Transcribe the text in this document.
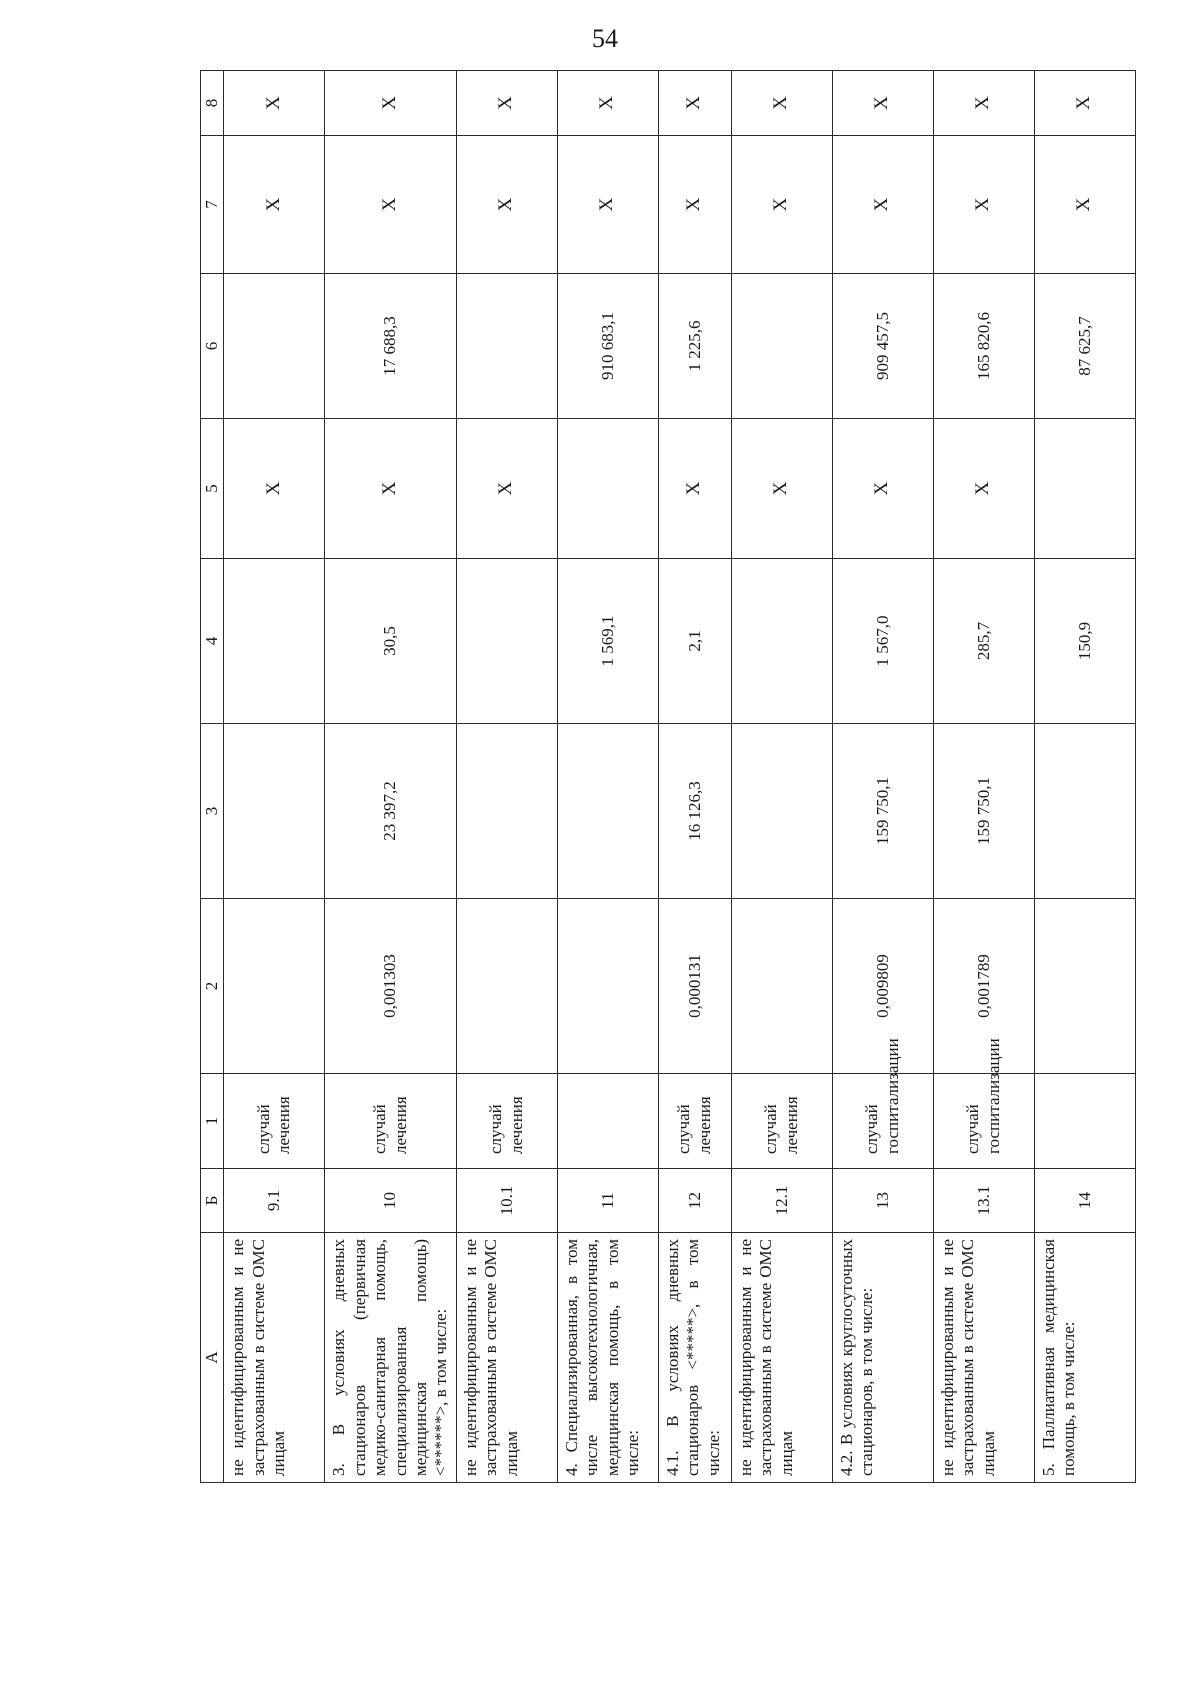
54
А	Б	1	2	3	4	5	6	7	8
не идентифицированным и не застрахованным в системе ОМС лицам	9.1	случай лечения				X		X	X
3. В условиях дневных стационаров (первичная медико-санитарная помощь, специализированная медицинская помощь) <******>, в том числе:	10	случай лечения	0,001303	23 397,2	30,5	X	17 688,3	X	X
не идентифицированным и не застрахованным в системе ОМС лицам	10.1	случай лечения				X		X	X
4. Специализированная, в том числе высокотехнологичная, медицинская помощь, в том числе:	11				1 569,1		910 683,1	X	X
4.1. В условиях дневных стационаров <*****>, в том числе:	12	случай лечения	0,000131	16 126,3	2,1	X	1 225,6	X	X
не идентифицированным и не застрахованным в системе ОМС лицам	12.1	случай лечения				X		X	X
4.2. В условиях круглосуточных стационаров, в том числе:	13	случай госпитализации	0,009809	159 750,1	1 567,0	X	909 457,5	X	X
не идентифицированным и не застрахованным в системе ОМС лицам	13.1	случай госпитализации	0,001789	159 750,1	285,7	X	165 820,6	X	X
5. Паллиативная медицинская помощь, в том числе:	14				150,9		87 625,7	X	X
